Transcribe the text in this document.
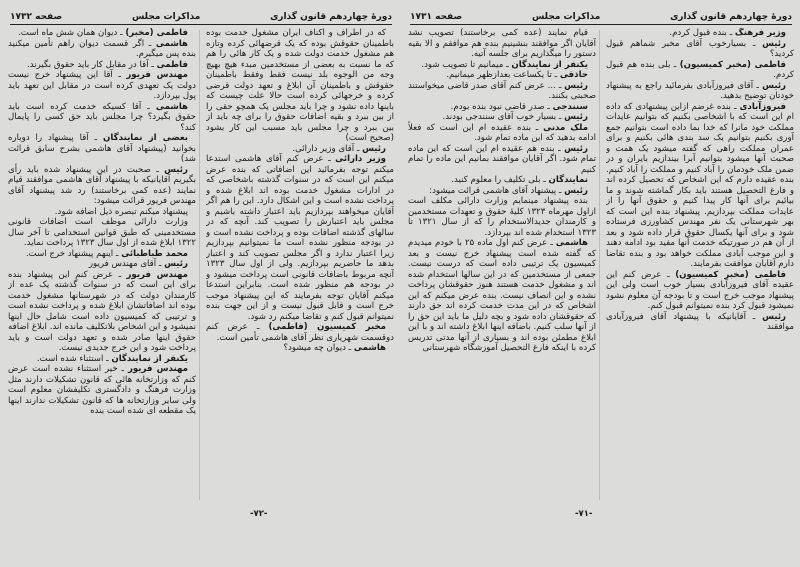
دورهٔ چهاردهم قانون گذاری
مذاکرات مجلس
صفحه ۱۷۳۲

که در اطراف و اکناف ایران مشغول خدمت بوده باطمینان حقوقش بوده که یک قرضهائی کرده وتازه هم مشغول خدمت دولت شده و یک کار هائی را هم که ما نسبت به بعضی از مستخدمین مبدء هیچ بهیچ وجه من الوجوه بلد نیست فقط وفقط باطمینان حقوقش و باطمینان آن ابلاغ و تعهد دولت قرضی کرده و خرجهائی کرده است حالا علت چیست که باینها داده نشود و چرا باید مجلس یک همچو حقی را از بین ببرد و بقیه اضافات حقوق را برای چه باید از بین ببرد و چرا مجلس باید مسبب این کار بشود (صحیح است)

رئیس ـ آقای وزیر دارائی.

وزیر دارائی ـ عرض کنم آقای هاشمی استدعا میکنم توجه بفرمائید این اضافاتی که بنده عرض میکنم این است که در سنوات گذشته باشخاصی که در ادارات مشغول خدمت بوده اند ابلاغ شده و پرداخت نشده است و این اشکال دارد. این را هم اگر آقایان میخواهند بپردازیم باید اعتبار داشته باشیم و مجلس باید اعتبارش را تصویب کند. آنچه که در سالهای گذشته اضافات بوده و پرداخت نشده است و در بودجه منظور نشده است ما نمیتوانیم بپردازیم زیرا اعتبار ندارد و اگر مجلس تصویب کند و اعتبار بدهد ما حاضریم بپردازیم. ولی از اول سال ۱۳۲۳ آنچه مربوط باضافات قانونی است پرداخت میشود و در بودجه هم منظور شده است. بنابراین استدعا میکنم آقایان توجه بفرمایند که این پیشنهاد موجب خرج است و قابل قبول نیست و از این جهت بنده نمیتوانم قبول کنم و تقاضا میکنم رد شود.

مخبر کمیسیون (فاطمی) ـ عرض کنم دوقسمت شهریاری نظر آقای هاشمی تأمین است.

هاشمی ـ دیوان چه میشود؟

فاطمی (مخبر) ـ دیوان همان شش ماه است.

هاشمی ـ اگر قسمت دیوان راهم تأمین میکنید بنده پس میگیرم.

فاطمی ـ آقا در مقابل کار باید حقوق بگیرند.

مهندس فریور ـ آقا این پیشنهاد خرج نیست دولت یک تعهدی کرده است در مقابل این تعهد باید پول بپردازد.

هاشمی ـ آقا کسیکه خدمت کرده است باید حقوق بگیرد؟ چرا مجلس باید حق کسی را پایمال کند؟

بعضی از نمایندگان ـ آقا پیشنهاد را دوباره بخوانید (پیشنهاد آقای هاشمی بشرح سابق قرائت شد)

رئیس ـ صحبت در این پیشنهاد شده باید رأی بگیریم آقایانیکه با پیشنهاد آقای هاشمی موافقند قیام نمایند (عده کمی برخاستند) رد شد پیشنهاد آقای مهندس فریور قرائت میشود:

پیشنهاد میکنم تبصره ذیل اضافه شود.

وزارت دارائی موظف است اضافات قانونی مستخدمینی که طبق قوانین استخدامی تا آخر سال ۱۳۲۲ ابلاغ شده از اول سال ۱۳۲۳ پرداخت نماید.

محمد طباطبائی ـ اینهم پیشنهاد خرج است.

رئیس ـ آقای مهندس فریور

مهندس فریور ـ عرض کنم این پیشنهاد بنده برای این است که در سنوات گذشته یک عده از کارمندان دولت که در شهرستانها مشغول خدمت بوده اند اضافاتشان ابلاغ شده و پرداخت نشده است و ترتیبی که کمیسیون داده است شامل حال اینها نمیشود و این اشخاص بلاتکلیف مانده اند. ابلاغ اضافه حقوق اینها صادر شده و تعهد دولت است و باید پرداخت شود و این خرج جدیدی نیست.

یکنفر از نمایندگان ـ استثناء شده است.

مهندس فریور ـ خیر استثناء نشده است عرض کنم که وزارتخانه هائی که قانون تشکیلات دارند مثل وزارت فرهنگ و دادگستری تکلیفشان معلوم است ولی سایر وزارتخانه ها که قانون تشکیلات ندارند اینها یک مقطعه ای شده است بنده

-۷۲-
دورهٔ چهاردهم قانون گذاری
مذاکرات مجلس
صفحه ۱۷۳۱

وزیر فرهنگ ـ بنده قبول کردم.

رئیس ـ بسیارخوب آقای مخبر شماهم قبول کردید؟

فاطمی (مخبر کمیسیون) ـ بلی بنده هم قبول کردم.

رئیس ـ آقای فیروزآبادی بفرمائید راجع به پیشنهاد خودتان توضیح بدهید.

فیروزآبادی ـ بنده غرضم ازاین پیشنهادی که داده ام این است که با اشخاصی بکنیم که بتوانیم عایدات مملکت خود مانرا که خدا بما داده است بتوانیم جمع آوری بکنیم بتوانیم یک سد بندی هائی بکنیم و برای عمران مملکت راهی که گفته میشود یک همت و صحبت آنها میشود بتوانیم آبرا بیندازیم بایران و در ضمن ملک خودمان را آباد کنیم و مملکت را آباد کنیم. بنده عقیده دارم که این اشخاص که تحصیل کرده اند و فارغ التحصیل هستند باید بکار گماشته شوند و ما بیائیم برای آنها کار پیدا کنیم و حقوق آنها را از عایدات مملکت بپردازیم. پیشنهاد بنده این است که بهر شهرستانی یک نفر مهندس کشاورزی فرستاده شود و برای آنها یکسال حقوق قرار داده شود و بعد از آن هم در صورتیکه خدمت آنها مفید بود ادامه دهند و این موجب آبادی مملکت خواهد بود و بنده تقاضا دارم آقایان موافقت بفرمایند.

فاطمی (مخبر کمیسیون) ـ عرض کنم این عقیده آقای فیروزآبادی بسیار خوب است ولی این پیشنهاد موجب خرج است و تا بودجه آن معلوم نشود نمیشود قبول کرد بنده نمیتوانم قبول کنم.

رئیس ـ آقایانیکه با پیشنهاد آقای فیروزآبادی موافقند

قیام نمایند (عده کمی برخاستند) تصویب نشد آقایان اگر موافقند بنشینیم بنده هم موافقم و الا بقیه دستور را میگذاریم برای جلسه آتیه.

یکنفر از نمایندگان ـ میمانیم تا تصویب شود.

حاذقی ـ تا یکساعت بعدازظهر میمانیم.

رئیس ـ ... عرض کنم آقای صدر قاضی میخواستند صحبتی بکنند.

سنندجی ـ صدر قاضی نبود بنده بودم.

رئیس ـ بسیار خوب آقای سنندجی بودند.

ملک مدنی ـ بنده عقیده ام این است که فعلاً ادامه بدهید که این ماده تمام شود.

رئیس ـ بنده هم عقیده ام این است که این ماده تمام شود. اگر آقایان موافقند بمانیم این ماده را تمام کنیم

نمایندگان ـ بلی تکلیف را معلوم کنید.

رئیس ـ پیشنهاد آقای هاشمی قرائت میشود:

بنده پیشنهاد مینمایم وزارت دارائی مکلف است ازاول مهرماه ۱۳۲۳ کلیهٔ حقوق و تعهدات مستخدمین و کارمندان جدیدالاستخدام را که از سال ۱۳۲۱ تا ۱۳۲۳ استخدام شده اند بپردازد.

هاشمی ـ عرض کنم اول ماده ۲۵ با خودم میدیدم که گفته شده است پیشنهاد خرج نیست و بعد کمیسیون یک ترتیبی داده است که درست نیست. جمعی از مستخدمین که در این سالها استخدام شده اند و مشغول خدمت هستند هنوز حقوقشان پرداخت نشده و این انصاف نیست. بنده عرض میکنم که این اشخاص که در این مدت خدمت کرده اند حق دارند که حقوقشان داده شود و بچه دلیل ما باید این حق را از آنها سلب کنیم. باضافه اینها ابلاغ داشته اند و با این ابلاغ مطمئن بوده اند و بسیاری از آنها مدتی تدریس کرده با اینکه فارغ التحصیل آموزشگاه شهرستانی

-۷۱-
